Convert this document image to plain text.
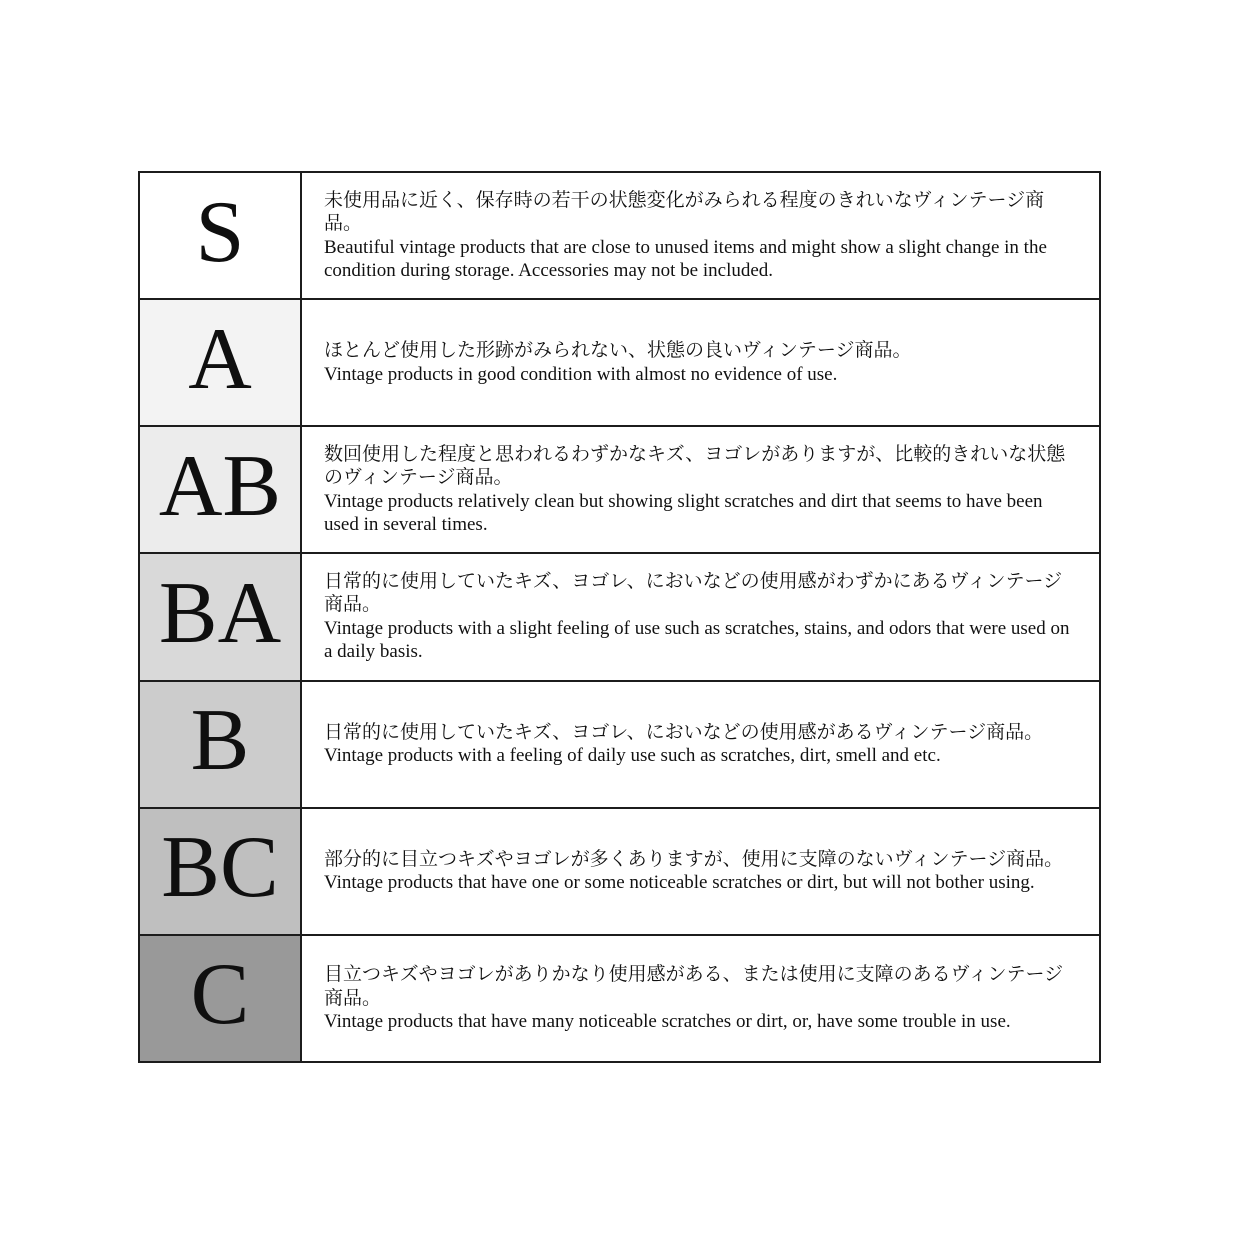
S	未使用品に近く、保存時の若干の状態変化がみられる程度のきれいなヴィンテージ商品。
Beautiful vintage products that are close to unused items and might show a slight change in the condition during storage. Accessories may not be included.
A	ほとんど使用した形跡がみられない、状態の良いヴィンテージ商品。
Vintage products in good condition with almost no evidence of use.
AB 数回使用した程度と思われるわずかなキズ、ヨゴレがありますが、比較的きれいな状態のヴィンテージ商品。
Vintage products relatively clean but showing slight scratches and dirt that seems to have been used in several times.
BA 日常的に使用していたキズ、ヨゴレ、においなどの使用感がわずかにあるヴィンテージ商品。
Vintage products with a slight feeling of use such as scratches, stains, and odors that were used on a daily basis.
B	日常的に使用していたキズ、ヨゴレ、においなどの使用感があるヴィンテージ商品。
Vintage products with a feeling of daily use such as scratches, dirt, smell and etc.
BC 部分的に目立つキズやヨゴレが多くありますが、使用に支障のないヴィンテージ商品。
Vintage products that have one or some noticeable scratches or dirt, but will not bother using.
C	目立つキズやヨゴレがありかなり使用感がある、または使用に支障のあるヴィンテージ商品。
Vintage products that have many noticeable scratches or dirt, or, have some trouble in use.
